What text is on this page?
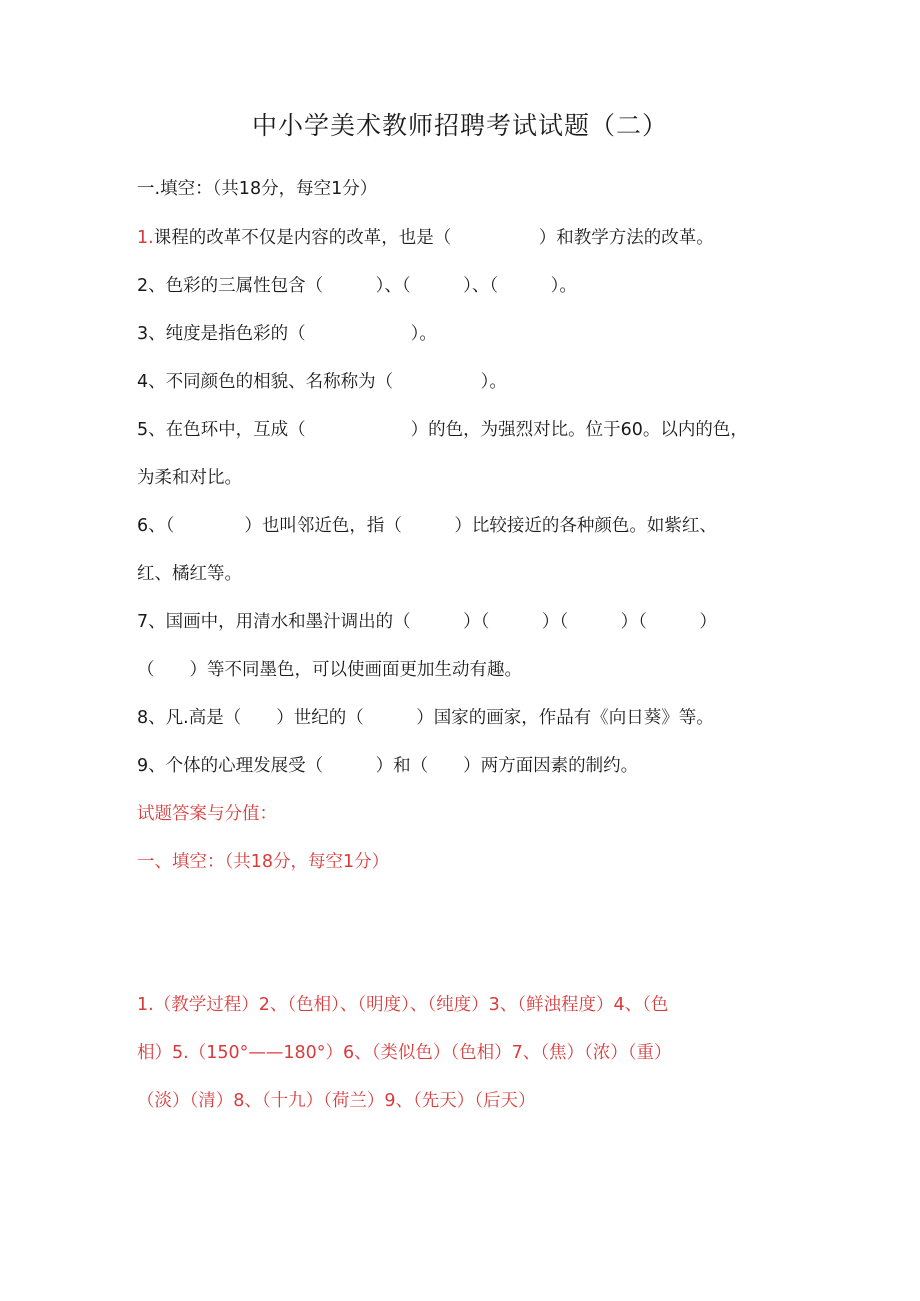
中小学美术教师招聘考试试题（二）
一.填空：（共18分，每空1分）
1.课程的改革不仅是内容的改革，也是（　　　　　）和教学方法的改革。
2、色彩的三属性包含（　　　）、（　　　）、（　　　）。
3、纯度是指色彩的（　　　　　　）。
4、不同颜色的相貌、名称称为（　　　　　）。
5、在色环中，互成（　　　　　　）的色，为强烈对比。位于60。以内的色，
为柔和对比。
6、（　　　　）也叫邻近色，指（　　　）比较接近的各种颜色。如紫红、
红、橘红等。
7、国画中，用清水和墨汁调出的（　　　）（　　　）（　　　）（　　　）
（　　）等不同墨色，可以使画面更加生动有趣。
8、凡.高是（　　）世纪的（　　　）国家的画家，作品有《向日葵》等。
9、个体的心理发展受（　　　）和（　　）两方面因素的制约。
试题答案与分值：
一、填空：（共18分，每空1分）
1.（教学过程）2、（色相）、（明度）、（纯度）3、（鲜浊程度）4、（色
相）5.（150°——180°）6、（类似色）（色相）7、（焦）（浓）（重）
（淡）（清）8、（十九）（荷兰）9、（先天）（后天）
